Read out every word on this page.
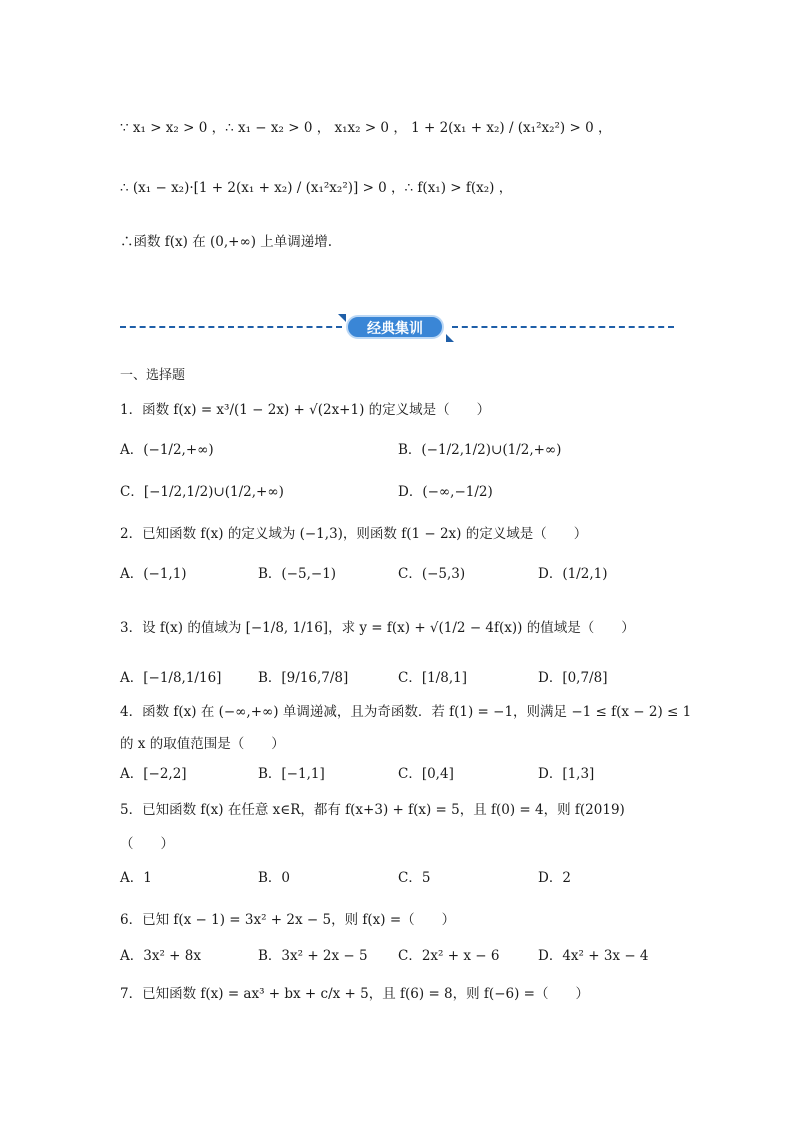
∵ x₁ > x₂ > 0 ，∴ x₁ − x₂ > 0 ， x₁x₂ > 0 ， 1 + 2(x₁ + x₂) / (x₁²x₂²) > 0 ，
∴ (x₁ − x₂)·[1 + 2(x₁ + x₂) / (x₁²x₂²)] > 0 ，∴ f(x₁) > f(x₂) ，
∴函数 f(x) 在 (0,+∞) 上单调递增.
经典集训
一、选择题
1．函数 f(x) = x³/(1 − 2x) + √(2x+1) 的定义域是（　　）
A．(−1/2,+∞)	B．(−1/2,1/2)∪(1/2,+∞)
C．[−1/2,1/2)∪(1/2,+∞)	D．(−∞,−1/2)
2．已知函数 f(x) 的定义域为 (−1,3)，则函数 f(1 − 2x) 的定义域是（　　）
A．(−1,1)	B．(−5,−1)	C．(−5,3)	D．(1/2,1)
3．设 f(x) 的值域为 [−1/8, 1/16]，求 y = f(x) + √(1/2 − 4f(x)) 的值域是（　　）
A．[−1/8,1/16]	B．[9/16,7/8]	C．[1/8,1]	D．[0,7/8]
4．函数 f(x) 在 (−∞,+∞) 单调递减，且为奇函数．若 f(1) = −1，则满足 −1 ≤ f(x − 2) ≤ 1
的 x 的取值范围是（　　）
A．[−2,2]	B．[−1,1]	C．[0,4]	D．[1,3]
5．已知函数 f(x) 在任意 x∈R，都有 f(x+3) + f(x) = 5，且 f(0) = 4，则 f(2019)
（　　）
A．1	B．0	C．5	D．2
6．已知 f(x − 1) = 3x² + 2x − 5，则 f(x) =（　　）
A．3x² + 8x	B．3x² + 2x − 5 C．2x² + x − 6	D．4x² + 3x − 4
7．已知函数 f(x) = ax³ + bx + c/x + 5，且 f(6) = 8，则 f(−6) =（　　）
